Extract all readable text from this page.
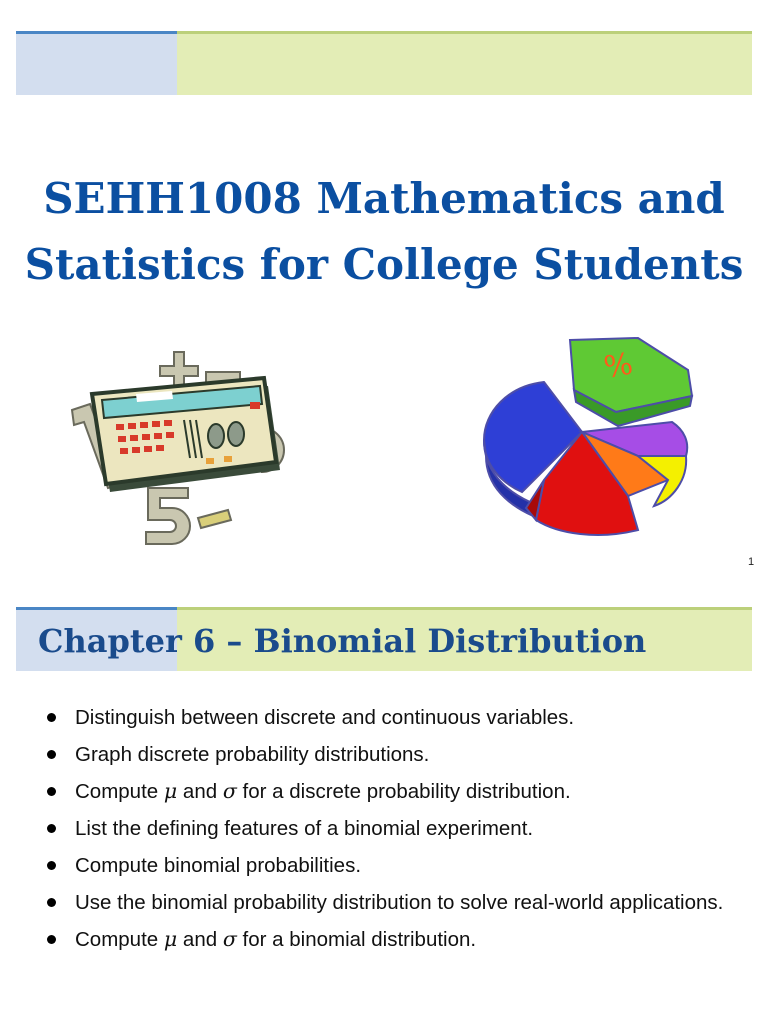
SEHH1008 Mathematics and
Statistics for College Students
%
1
Chapter 6 – Binomial Distribution
Distinguish between discrete and continuous variables.
Graph discrete probability distributions.
Compute μ and σ for a discrete probability distribution.
List the defining features of a binomial experiment.
Compute binomial probabilities.
Use the binomial probability distribution to solve real-world applications.
Compute μ and σ for a binomial distribution.
